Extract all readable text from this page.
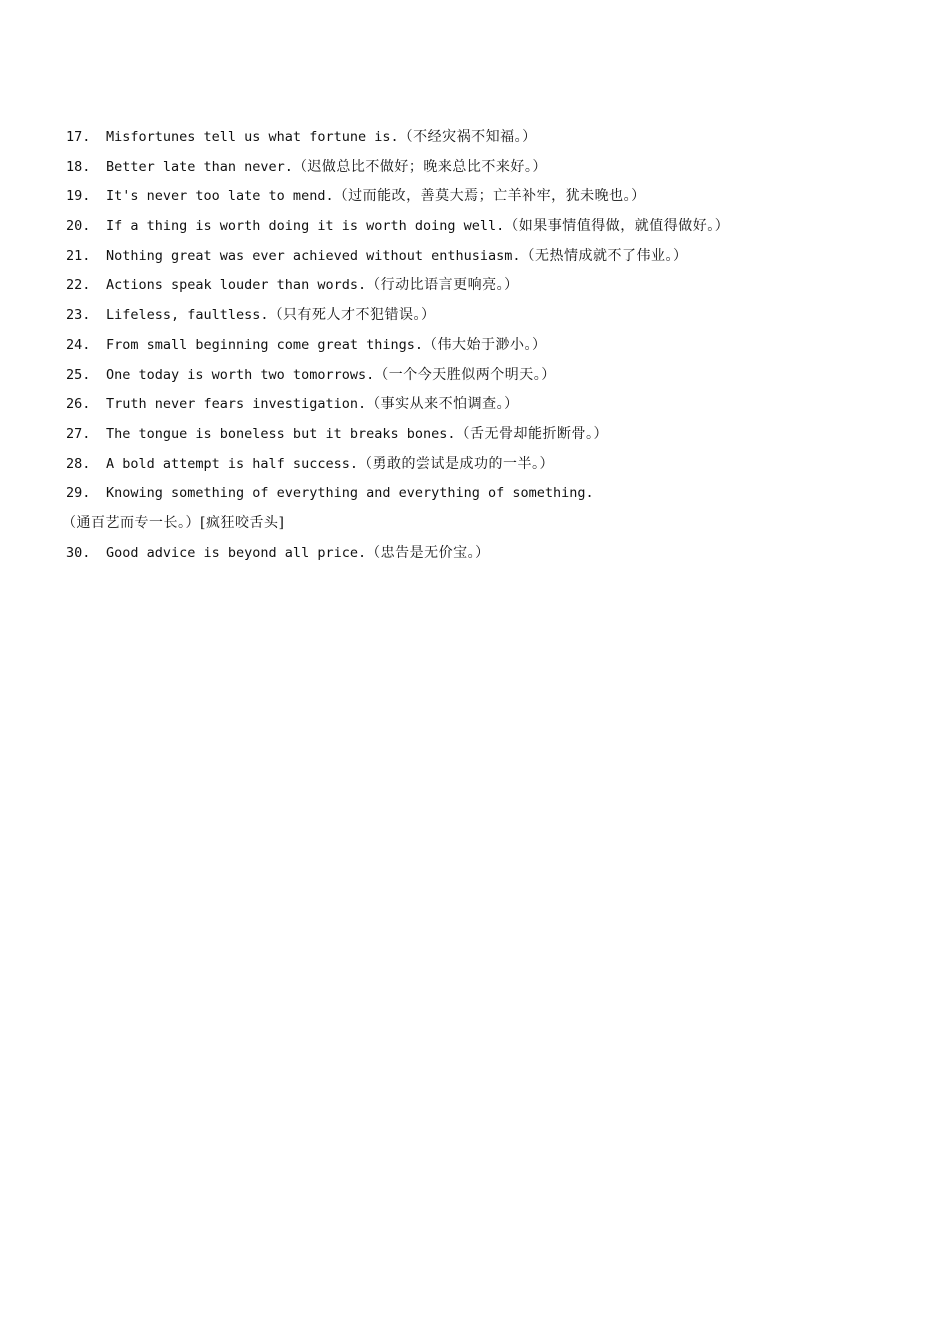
17.	Misfortunes tell us what fortune is. （不经灾祸不知福。）
18.	Better late than never. （迟做总比不做好；晚来总比不来好。）
19.	It's never too late to mend. （过而能改，善莫大焉；亡羊补牢，犹未晚也。）
20.	If a thing is worth doing it is worth doing well. （如果事情值得做，就值得做好。）
21.	Nothing great was ever achieved without enthusiasm. （无热情成就不了伟业。）
22.	Actions speak louder than words. （行动比语言更响亮。）
23.	Lifeless, faultless. （只有死人才不犯错误。）
24.	From small beginning come great things. （伟大始于渺小。）
25.	One today is worth two tomorrows. （一个今天胜似两个明天。）
26.	Truth never fears investigation. （事实从来不怕调查。）
27.	The tongue is boneless but it breaks bones. （舌无骨却能折断骨。）
28.	A bold attempt is half success. （勇敢的尝试是成功的一半。）
29.	Knowing something of everything and everything of something.
（通百艺而专一长。）[疯狂咬舌头]
30.	Good advice is beyond all price. （忠告是无价宝。）
